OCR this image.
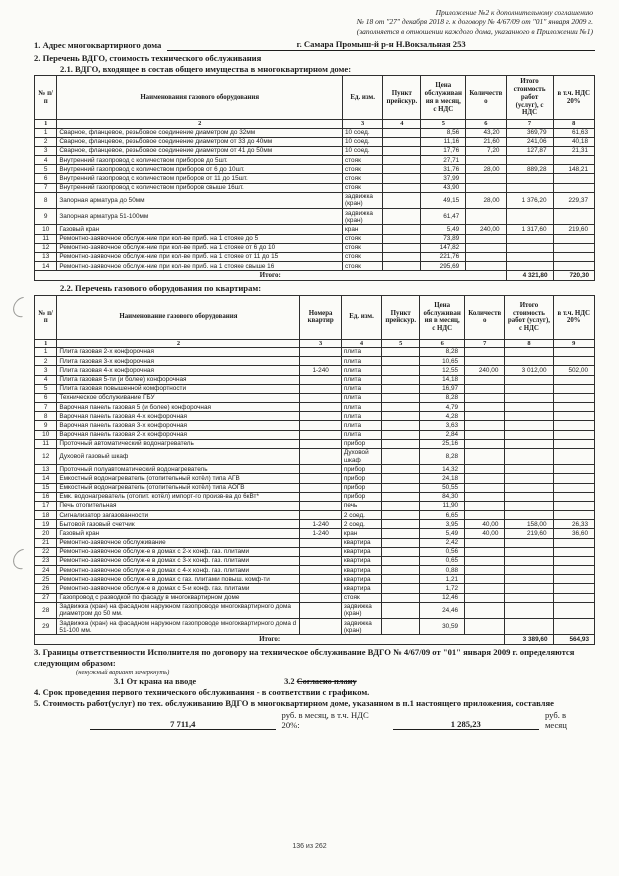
Приложение №2 к дополнительному соглашению
№ 18 от "27" декабря 2018 г. к договору № 4/67/09 от "01" января 2009 г.
(заполняется в отношении каждого дома, указанного в Приложении №1)
1. Адрес многоквартирного дома	г. Самара Промыш-й р-н Н.Вокзальная 253
2. Перечень ВДГО, стоимость технического обслуживания
2.1. ВДГО, входящее в состав общего имущества в многоквартирном доме:
№ п/п	Наименования газового оборудования	Ед. изм.	Пункт прейскур.	Цена обслуживания в месяц, с НДС	Количество	Итого стоимость работ (услуг), с НДС	в т.ч. НДС 20%
1	2	3	4	5	6	7	8
1	Сварное, фланцевое, резьбовое соединение диаметром до 32мм	10 соед.		8,56	43,20	369,79	61,63
2	Сварное, фланцевое, резьбовое соединение диаметром от 33 до 40мм	10 соед.		11,16	21,60	241,06	40,18
3	Сварное, фланцевое, резьбовое соединение диаметром от 41 до 50мм	10 соед.		17,76	7,20	127,87	21,31
4	Внутренний газопровод с количеством приборов до 5шт.	стояк		27,71			
5	Внутренний газопровод с количеством приборов от 6 до 10шт.	стояк		31,76	28,00	889,28	148,21
6	Внутренний газопровод с количеством приборов от 11 до 15шт.	стояк		37,99			
7	Внутренний газопровод с количеством приборов свыше 16шт.	стояк		43,90			
8	Запорная арматура до 50мм	задвижка (кран)		49,15	28,00	1 376,20	229,37
9	Запорная арматура 51-100мм	задвижка (кран)		61,47			
10	Газовый кран	кран		5,49	240,00	1 317,60	219,60
11	Ремонтно-заявочное обслуж-ние при кол-ве приб. на 1 стояке до 5	стояк		73,89			
12	Ремонтно-заявочное обслуж-ние при кол-ве приб. на 1 стояке от 6 до 10	стояк		147,82			
13	Ремонтно-заявочное обслуж-ние при кол-ве приб. на 1 стояке от 11 до 15	стояк		221,76			
14	Ремонтно-заявочное обслуж-ние при кол-ве приб. на 1 стояке свыше 16	стояк		295,69			
Итого:						4 321,80	720,30
2.2. Перечень газового оборудования по квартирам:
№ п/п	Наименование газового оборудования	Номера квартир	Ед. изм.	Пункт прейскур.	Цена обслуживания в месяц, с НДС	Количество	Итого стоимость работ (услуг), с НДС	в т.ч. НДС 20%
1	2	3	4	5	6	7	8	9
1	Плита газовая 2-х конфорочная		плита		8,28			
2	Плита газовая 3-х конфорочная		плита		10,65			
3	Плита газовая 4-х конфорочная	1-240	плита		12,55	240,00	3 012,00	502,00
4	Плита газовая 5-ти (и более) конфорочная		плита		14,18			
5	Плита газовая повышенной комфортности		плита		16,97			
6	Техническое обслуживание ГБУ		плита		8,28			
7	Варочная панель газовая 5 (и более) конфорочная		плита		4,79			
8	Варочная панель газовая 4-х конфорочная		плита		4,28			
9	Варочная панель газовая 3-х конфорочная		плита		3,63			
10	Варочная панель газовая 2-х конфорочная		плита		2,84			
11	Проточный автоматический водонагреватель		прибор		25,16			
12	Духовой газовый шкаф		Духовой шкаф		8,28			
13	Проточный полуавтоматический водонагреватель		прибор		14,32			
14	Емкостный водонагреватель (отопительный котёл) типа АГВ		прибор		24,18			
15	Емкостный водонагреватель (отопительный котёл) типа АОГВ		прибор		50,55			
16	Емк. водонагреватель (отопит. котёл) импорт-го произв-ва до 6кВт*		прибор		84,30			
17	Печь отопительная		печь		11,90			
18	Сигнализатор загазованности		2 соед.		6,65			
19	Бытовой газовый счетчик	1-240	2 соед.		3,95	40,00	158,00	26,33
20	Газовый кран	1-240	кран		5,49	40,00	219,60	36,60
21	Ремонтно-заявочное обслуживание		квартира		2,42			
22	Ремонтно-заявочное обслуж-е в домах с 2-х конф. газ. плитами		квартира		0,56			
23	Ремонтно-заявочное обслуж-е в домах с 3-х конф. газ. плитами		квартира		0,65			
24	Ремонтно-заявочное обслуж-е в домах с 4-х конф. газ. плитами		квартира		0,88			
25	Ремонтно-заявочное обслуж-е в домах с газ. плитами повыш. комф-ти		квартира		1,21			
26	Ремонтно-заявочное обслуж-е в домах с 5-и конф. газ. плитами		квартира		1,72			
27	Газопровод с разводкой по фасаду в многоквартирном доме		стояк		12,46			
28	Задвижка (кран) на фасадном наружном газопроводе многоквартирного дома диаметром до 50 мм.		задвижка (кран)		24,46			
29	Задвижка (кран) на фасадном наружном газопроводе многоквартирного дома d 51-100 мм.		задвижка (кран)		30,59			
Итого:							3 389,60	564,93
3. Границы ответственности Исполнителя по договору на техническое обслуживание ВДГО № 4/67/09 от "01" января 2009 г. определяются следующим образом:
(ненужный вариант зачеркнуть)
3.1 От крана на вводе	3.2 Согласно плану
4. Срок проведения первого технического обслуживания - в соответствии с графиком.
5. Стоимость работ(услуг) по тех. обслуживанию ВДГО в многоквартирном доме, указанном в п.1 настоящего приложения, составляе
7 711,4
руб. в месяц, в т.ч. НДС 20%:	1 285,23
руб. в месяц
136 из 262
